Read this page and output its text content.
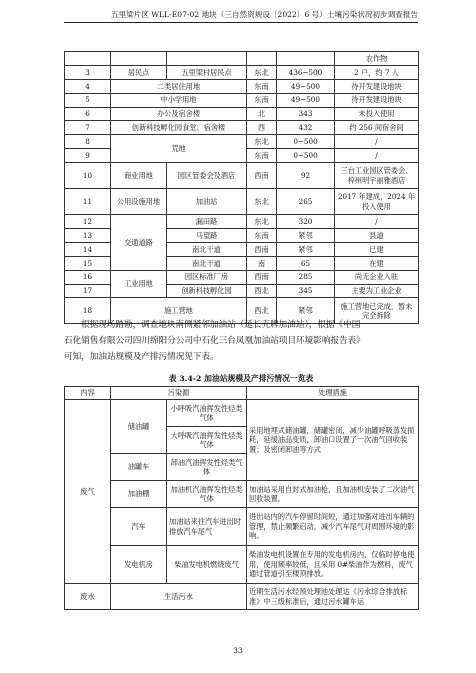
五里梁片区 WLL-E07-02 地块（三自然资规设〔2022〕6 号）土壤污染状况初步调查报告
					农作物
3	居民点	五里梁村居民点	东北	436~500	2 户，约 7 人
4	二类居住用地		东南	49~500	待开发建设地块
5	中小学用地		东南	49~500	待开发建设地块
6	办公及宿舍楼		北	343	未投入使用
7	创新科技孵化园食堂、宿舍楼		西	432	约 256 间宿舍间
8	荒地		东北	0~500	/
9			东南	0~500	/
10	商业用地	园区管委会及酒店	西南	92	三台工业园区管委会、梓州明宇丽雅酒店
11	公用设施用地	加油站	东北	265	2017 年建成，2024 年投入使用
12	交通道路	漏田路	东北	320	/
13		马望路	东南	紧邻	县道
14		南北干道	西南	紧邻	已建
15		南北干道	南	65	在建
16	工业用地	园区标准厂房	西南	285	尚无企业入驻
17		创新科技孵化园	西北	345	主要为工业企业
18	施工营地		西北	紧邻	施工营地已完成，暂未完全拆除
根据现场踏勘，调查地块南侧紧邻加油站（延长壳牌加油站），根据《中国
石化销售有限公司四川绵阳分公司中石化三台凤凰加油站项目环境影响报告表》
可知，加油站规模及产排污情况见下表。
表 3.4-2 加油站规模及产排污情况一览表
内容	污染源		处理措施
废气	储油罐	小呼吸汽油挥发性烃类气体	采用地埋式储油罐，储罐密闭，减少油罐呼吸蒸发损耗，延缓油品变质，卸油口设置了一次油气回收装置；及密闭卸油等方式
		大呼吸汽油挥发性烃类气体	
	油罐车	卸油汽油挥发性烃类气体	
	加油棚	加油机汽油挥发性烃类气体	加油站采用自封式加油枪，且加油机安装了二次油气回收装置。
	汽车	加油站来往汽车进出时排放汽车尾气	进出站内的汽车停留时间短，通过加强对进出车辆的管理，禁止频繁启动，减少汽车尾气对周围环境的影响。
	发电机房	柴油发电机燃烧废气	柴油发电机设置在专用的发电机房内，仅临时停电使用，使用频率较低，且采用 0#柴油作为燃料，废气通过管道引至楼顶排放。

废水	生活污水		近期生活污水经预处理池处理达《污水综合排放标准》中三级标准后，通过污水罐车运
33
